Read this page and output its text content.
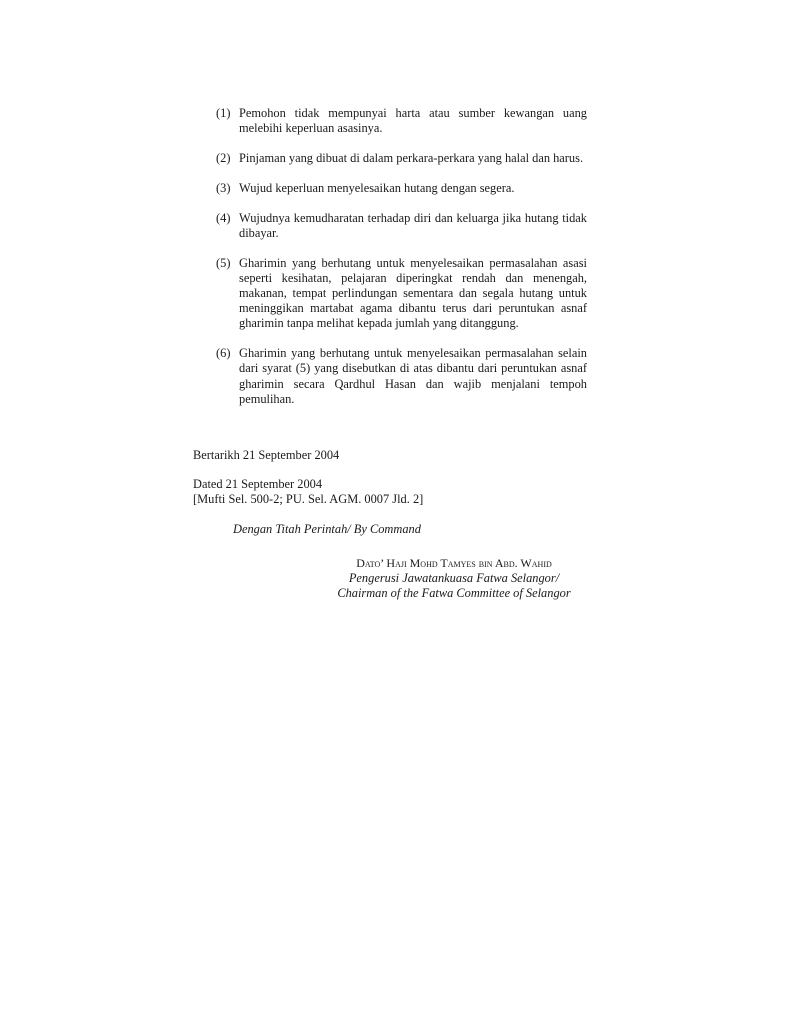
(1) Pemohon tidak mempunyai harta atau sumber kewangan uang melebihi keperluan asasinya.
(2) Pinjaman yang dibuat di dalam perkara-perkara yang halal dan harus.
(3) Wujud keperluan menyelesaikan hutang dengan segera.
(4) Wujudnya kemudharatan terhadap diri dan keluarga jika hutang tidak dibayar.
(5) Gharimin yang berhutang untuk menyelesaikan permasalahan asasi seperti kesihatan, pelajaran diperingkat rendah dan menengah, makanan, tempat perlindungan sementara dan segala hutang untuk meninggikan martabat agama dibantu terus dari peruntukan asnaf gharimin tanpa melihat kepada jumlah yang ditanggung.
(6) Gharimin yang berhutang untuk menyelesaikan permasalahan selain dari syarat (5) yang disebutkan di atas dibantu dari peruntukan asnaf gharimin secara Qardhul Hasan dan wajib menjalani tempoh pemulihan.
Bertarikh 21 September 2004
Dated 21 September 2004
[Mufti Sel. 500-2; PU. Sel. AGM. 0007 Jld. 2]
Dengan Titah Perintah/ By Command
Dato’ Haji Mohd Tamyes bin Abd. Wahid
Pengerusi Jawatankuasa Fatwa Selangor/
Chairman of the Fatwa Committee of Selangor
